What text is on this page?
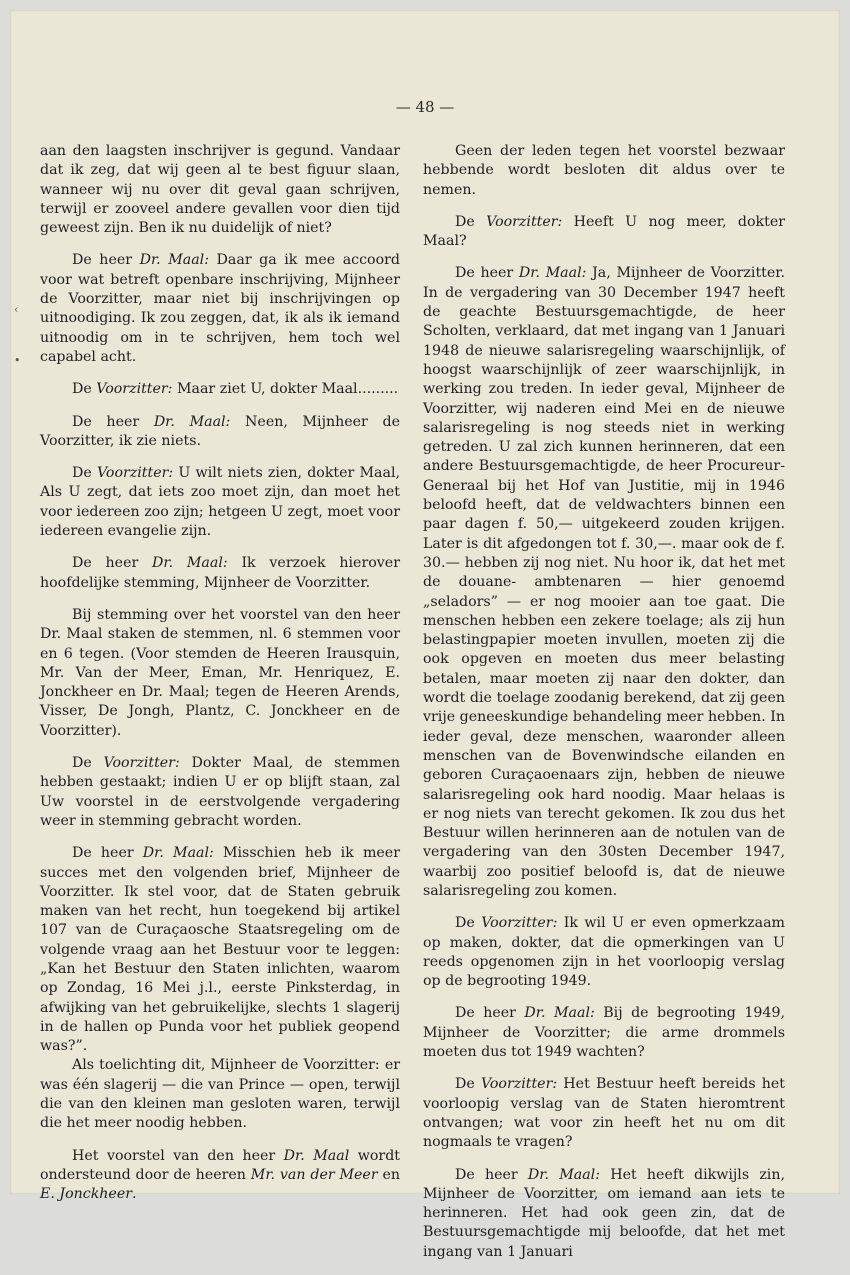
— 48 —

aan den laagsten inschrijver is gegund. Vandaar dat ik zeg, dat wij geen al te best figuur slaan, wanneer wij nu over dit geval gaan schrijven, terwijl er zooveel andere gevallen voor dien tijd geweest zijn. Ben ik nu duidelijk of niet?

De heer Dr. Maal: Daar ga ik mee accoord voor wat betreft openbare inschrijving, Mijnheer de Voorzitter, maar niet bij inschrijvingen op uitnoodiging. Ik zou zeggen, dat, ik als ik iemand uitnoodig om in te schrijven, hem toch wel capabel acht.

De Voorzitter: Maar ziet U, dokter Maal.........

De heer Dr. Maal: Neen, Mijnheer de Voorzitter, ik zie niets.

De Voorzitter: U wilt niets zien, dokter Maal, Als U zegt, dat iets zoo moet zijn, dan moet het voor iedereen zoo zijn; hetgeen U zegt, moet voor iedereen evangelie zijn.

De heer Dr. Maal: Ik verzoek hierover hoofdelijke stemming, Mijnheer de Voorzitter.

Bij stemming over het voorstel van den heer Dr. Maal staken de stemmen, nl. 6 stemmen voor en 6 tegen. (Voor stemden de Heeren Irausquin, Mr. Van der Meer, Eman, Mr. Henriquez, E. Jonckheer en Dr. Maal; tegen de Heeren Arends, Visser, De Jongh, Plantz, C. Jonckheer en de Voorzitter).

De Voorzitter: Dokter Maal, de stemmen hebben gestaakt; indien U er op blijft staan, zal Uw voorstel in de eerstvolgende vergadering weer in stemming gebracht worden.

De heer Dr. Maal: Misschien heb ik meer succes met den volgenden brief, Mijnheer de Voorzitter. Ik stel voor, dat de Staten gebruik maken van het recht, hun toegekend bij artikel 107 van de Curaçaosche Staatsregeling om de volgende vraag aan het Bestuur voor te leggen: „Kan het Bestuur den Staten inlichten, waarom op Zondag, 16 Mei j.l., eerste Pinksterdag, in afwijking van het gebruikelijke, slechts 1 slagerij in de hallen op Punda voor het publiek geopend was?”.

Als toelichting dit, Mijnheer de Voorzitter: er was één slagerij — die van Prince — open, terwijl die van den kleinen man gesloten waren, terwijl die het meer noodig hebben.

Het voorstel van den heer Dr. Maal wordt ondersteund door de heeren Mr. van der Meer en E. Jonckheer.

Geen der leden tegen het voorstel bezwaar hebbende wordt besloten dit aldus over te nemen.

De Voorzitter: Heeft U nog meer, dokter Maal?

De heer Dr. Maal: Ja, Mijnheer de Voorzitter. In de vergadering van 30 December 1947 heeft de geachte Bestuursgemachtigde, de heer Scholten, verklaard, dat met ingang van 1 Januari 1948 de nieuwe salarisregeling waarschijnlijk, of hoogst waarschijnlijk of zeer waarschijnlijk, in werking zou treden. In ieder geval, Mijnheer de Voorzitter, wij naderen eind Mei en de nieuwe salarisregeling is nog steeds niet in werking getreden. U zal zich kunnen herinneren, dat een andere Bestuursgemachtigde, de heer Procureur-Generaal bij het Hof van Justitie, mij in 1946 beloofd heeft, dat de veldwachters binnen een paar dagen f. 50,— uitgekeerd zouden krijgen. Later is dit afgedongen tot f. 30,—. maar ook de f. 30.— hebben zij nog niet. Nu hoor ik, dat het met de douane- ambtenaren — hier genoemd „seladors” — er nog mooier aan toe gaat. Die menschen hebben een zekere toelage; als zij hun belastingpapier moeten invullen, moeten zij die ook opgeven en moeten dus meer belasting betalen, maar moeten zij naar den dokter, dan wordt die toelage zoodanig berekend, dat zij geen vrije geneeskundige behandeling meer hebben. In ieder geval, deze menschen, waaronder alleen menschen van de Bovenwindsche eilanden en geboren Curaçaoenaars zijn, hebben de nieuwe salarisregeling ook hard noodig. Maar helaas is er nog niets van terecht gekomen. Ik zou dus het Bestuur willen herinneren aan de notulen van de vergadering van den 30sten December 1947, waarbij zoo positief beloofd is, dat de nieuwe salarisregeling zou komen.

De Voorzitter: Ik wil U er even opmerkzaam op maken, dokter, dat die opmerkingen van U reeds opgenomen zijn in het voorloopig verslag op de begrooting 1949.

De heer Dr. Maal: Bij de begrooting 1949, Mijnheer de Voorzitter; die arme drommels moeten dus tot 1949 wachten?

De Voorzitter: Het Bestuur heeft bereids het voorloopig verslag van de Staten hieromtrent ontvangen; wat voor zin heeft het nu om dit nogmaals te vragen?

De heer Dr. Maal: Het heeft dikwijls zin, Mijnheer de Voorzitter, om iemand aan iets te herinneren. Het had ook geen zin, dat de Bestuursgemachtigde mij beloofde, dat het met ingang van 1 Januari

‹
•
